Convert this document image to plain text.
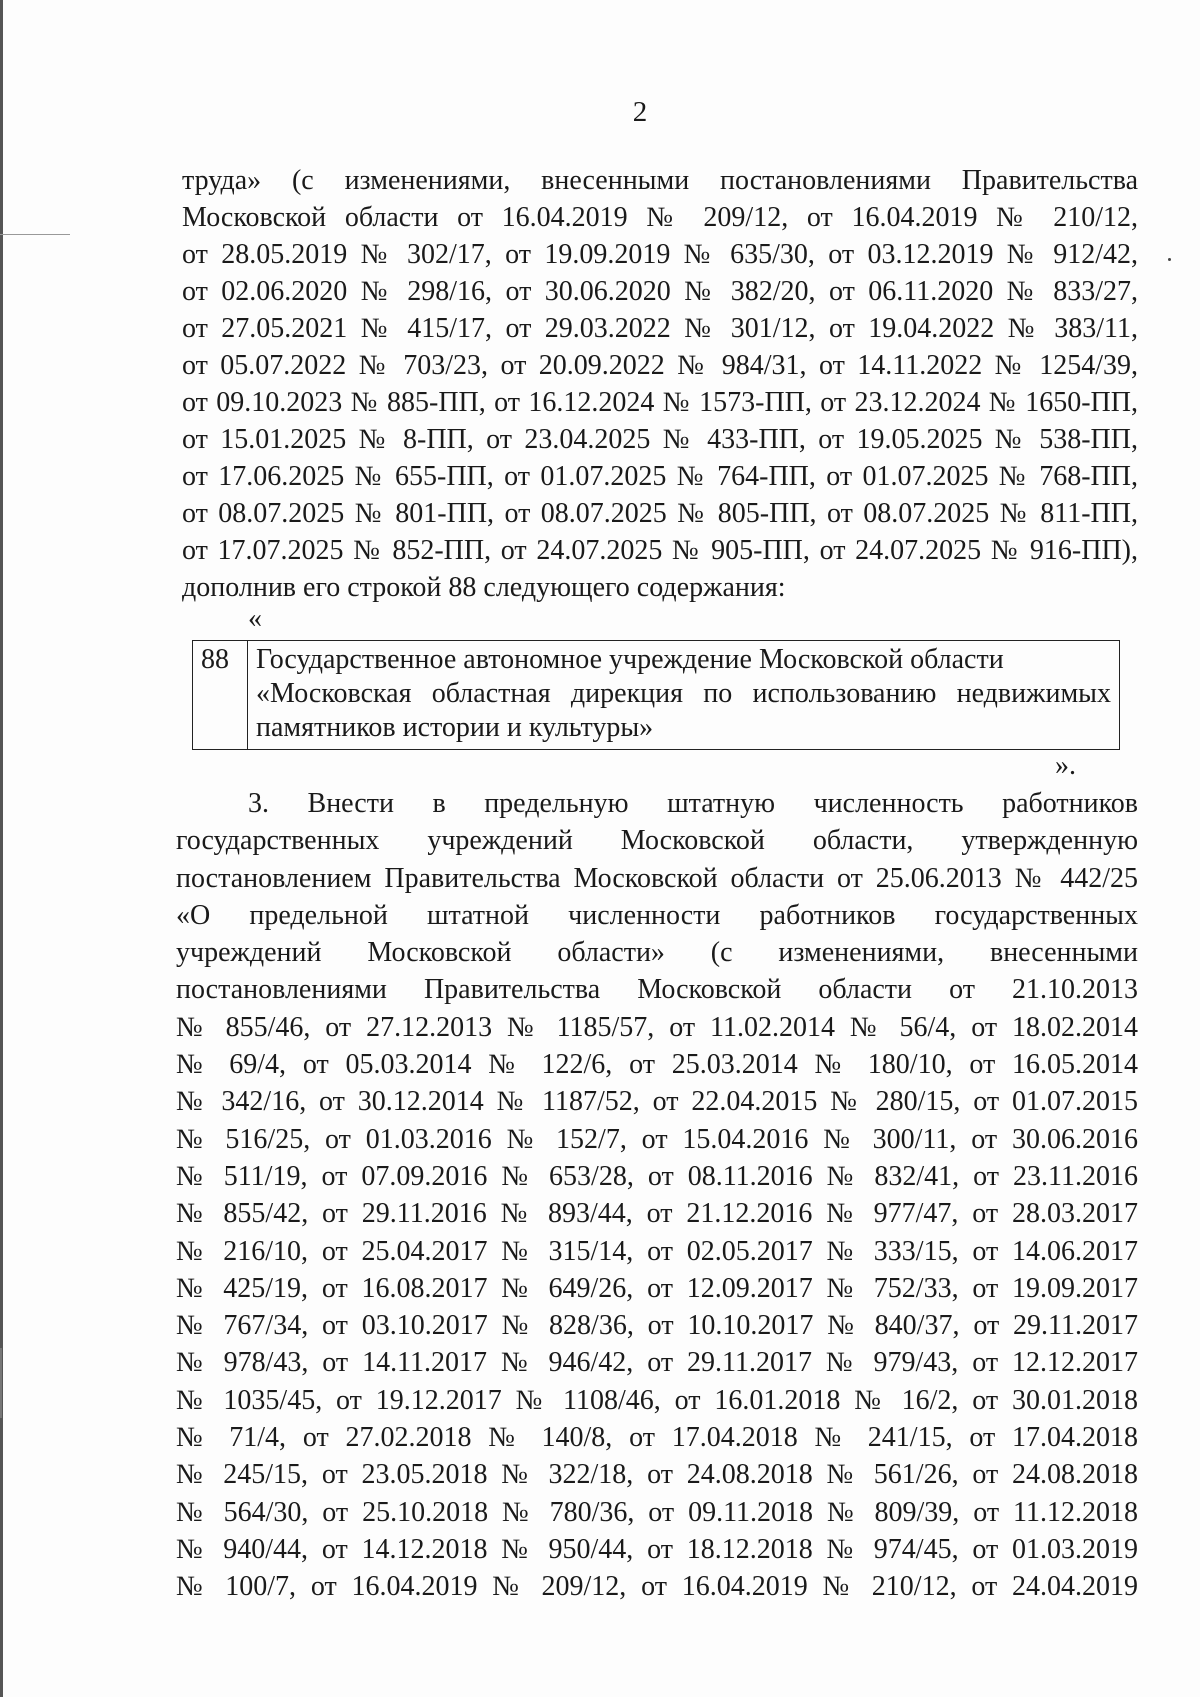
2
труда» (с изменениями, внесенными постановлениями Правительства
Московской области от 16.04.2019 № 209/12, от 16.04.2019 № 210/12,
от 28.05.2019 № 302/17, от 19.09.2019 № 635/30, от 03.12.2019 № 912/42,
от 02.06.2020 № 298/16, от 30.06.2020 № 382/20, от 06.11.2020 № 833/27,
от 27.05.2021 № 415/17, от 29.03.2022 № 301/12, от 19.04.2022 № 383/11,
от 05.07.2022 № 703/23, от 20.09.2022 № 984/31, от 14.11.2022 № 1254/39,
от 09.10.2023 № 885-ПП, от 16.12.2024 № 1573-ПП, от 23.12.2024 № 1650-ПП,
от 15.01.2025 № 8-ПП, от 23.04.2025 № 433-ПП, от 19.05.2025 № 538-ПП,
от 17.06.2025 № 655-ПП, от 01.07.2025 № 764-ПП, от 01.07.2025 № 768-ПП,
от 08.07.2025 № 801-ПП, от 08.07.2025 № 805-ПП, от 08.07.2025 № 811-ПП,
от 17.07.2025 № 852-ПП, от 24.07.2025 № 905-ПП, от 24.07.2025 № 916-ПП),
дополнив его строкой 88 следующего содержания:
«
88	Государственное автономное учреждение Московской области
«Московская областная дирекция по использованию недвижимых
памятников истории и культуры»
».
3. Внести в предельную штатную численность работников
государственных учреждений Московской области, утвержденную
постановлением Правительства Московской области от 25.06.2013 № 442/25
«О предельной штатной численности работников государственных
учреждений Московской области» (с изменениями, внесенными
постановлениями Правительства Московской области от 21.10.2013
№ 855/46, от 27.12.2013 № 1185/57, от 11.02.2014 № 56/4, от 18.02.2014
№ 69/4, от 05.03.2014 № 122/6, от 25.03.2014 № 180/10, от 16.05.2014
№ 342/16, от 30.12.2014 № 1187/52, от 22.04.2015 № 280/15, от 01.07.2015
№ 516/25, от 01.03.2016 № 152/7, от 15.04.2016 № 300/11, от 30.06.2016
№ 511/19, от 07.09.2016 № 653/28, от 08.11.2016 № 832/41, от 23.11.2016
№ 855/42, от 29.11.2016 № 893/44, от 21.12.2016 № 977/47, от 28.03.2017
№ 216/10, от 25.04.2017 № 315/14, от 02.05.2017 № 333/15, от 14.06.2017
№ 425/19, от 16.08.2017 № 649/26, от 12.09.2017 № 752/33, от 19.09.2017
№ 767/34, от 03.10.2017 № 828/36, от 10.10.2017 № 840/37, от 29.11.2017
№ 978/43, от 14.11.2017 № 946/42, от 29.11.2017 № 979/43, от 12.12.2017
№ 1035/45, от 19.12.2017 № 1108/46, от 16.01.2018 № 16/2, от 30.01.2018
№ 71/4, от 27.02.2018 № 140/8, от 17.04.2018 № 241/15, от 17.04.2018
№ 245/15, от 23.05.2018 № 322/18, от 24.08.2018 № 561/26, от 24.08.2018
№ 564/30, от 25.10.2018 № 780/36, от 09.11.2018 № 809/39, от 11.12.2018
№ 940/44, от 14.12.2018 № 950/44, от 18.12.2018 № 974/45, от 01.03.2019
№ 100/7, от 16.04.2019 № 209/12, от 16.04.2019 № 210/12, от 24.04.2019
